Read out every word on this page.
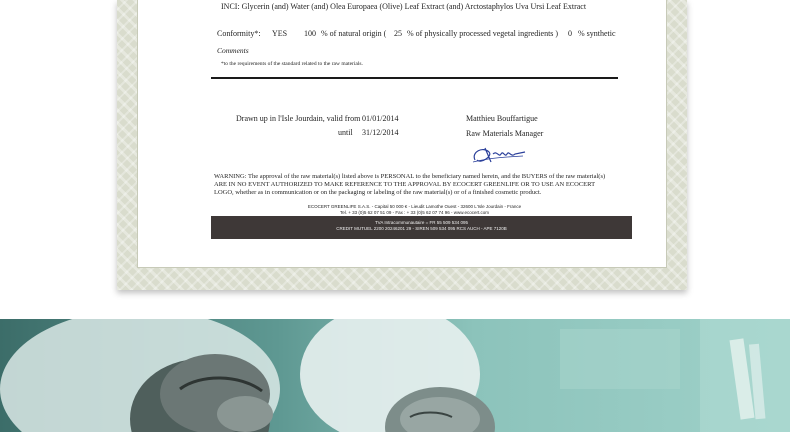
INCI: Glycerin (and) Water (and) Olea Europaea (Olive) Leaf Extract (and) Arctostaphylos Uva Ursi Leaf Extract
Conformity*: YES 100 % of natural origin ( 25 % of physically processed vegetal ingredients ) 0 % synthetic
Comments
*to the requirements of the standard related to the raw materials.
Drawn up in l'Isle Jourdain, valid from 01/01/2014
until 31/12/2014
Matthieu Bouffartigue
Raw Materials Manager
WARNING: The approval of the raw material(s) listed above is PERSONAL to the beneficiary named herein, and the BUYERS of the raw material(s) ARE IN NO EVENT AUTHORIZED TO MAKE REFERENCE TO THE APPROVAL BY ECOCERT GREENLIFE OR TO USE AN ECOCERT LOGO, whether as in communication or on the packaging or labeling of the raw material(s) or of a finished cosmetic product.
ECOCERT GREENLIFE S.A.S. - Capital 50 000 € - Lieudit Lamothe Ouest - 32600 L'Isle Jourdain - France
Tel. + 33 (0)5 62 07 51 09 - Fax : + 33 (0)5 62 07 74 96 - www.ecocert.com
TVA Intracommunautaire = FR 55 509 534 095
CREDIT MUTUEL 2200 20246201 29 - SIREN 509 534 095 RCS AUCH - APE 7120B
